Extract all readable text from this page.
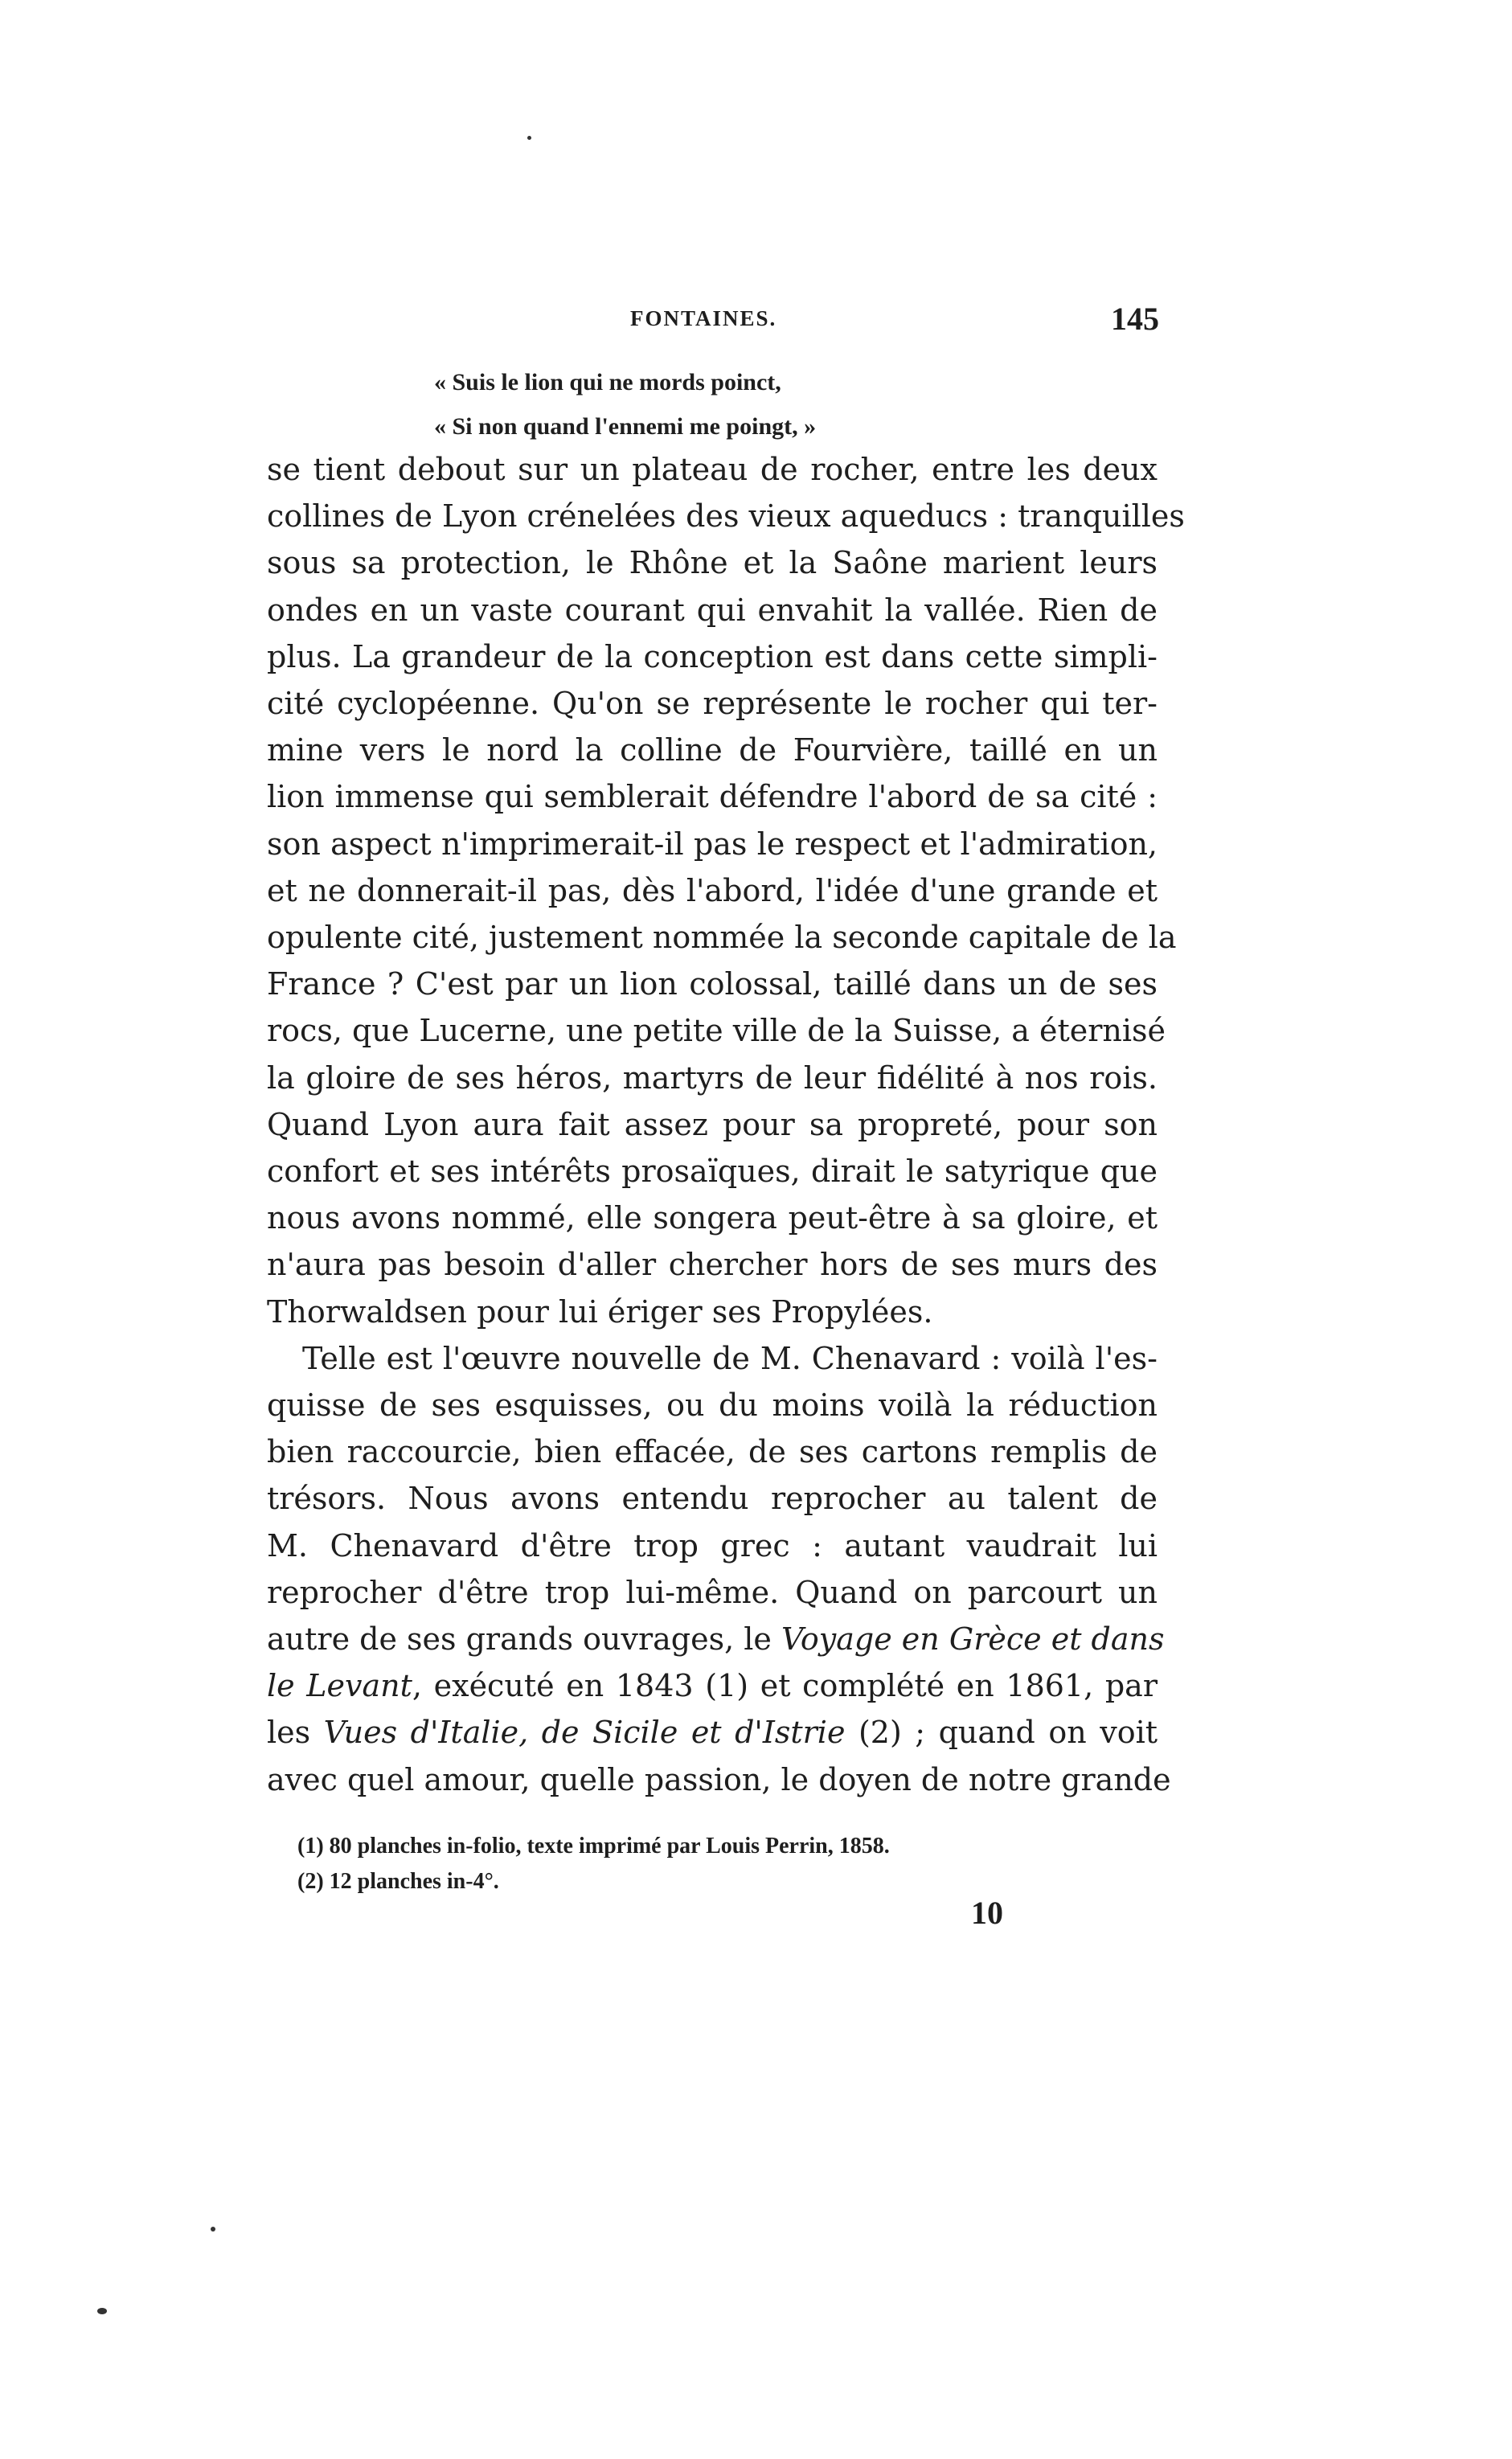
FONTAINES.	145
« Suis le lion qui ne mords poinct,
« Si non quand l'ennemi me poingt, »
se tient debout sur un plateau de rocher, entre les deux
collines de Lyon crénelées des vieux aqueducs : tranquilles
sous sa protection, le Rhône et la Saône marient leurs
ondes en un vaste courant qui envahit la vallée. Rien de
plus. La grandeur de la conception est dans cette simpli-
cité cyclopéenne. Qu'on se représente le rocher qui ter-
mine vers le nord la colline de Fourvière, taillé en un
lion immense qui semblerait défendre l'abord de sa cité :
son aspect n'imprimerait-il pas le respect et l'admiration,
et ne donnerait-il pas, dès l'abord, l'idée d'une grande et
opulente cité, justement nommée la seconde capitale de la
France ? C'est par un lion colossal, taillé dans un de ses
rocs, que Lucerne, une petite ville de la Suisse, a éternisé
la gloire de ses héros, martyrs de leur fidélité à nos rois.
Quand Lyon aura fait assez pour sa propreté, pour son
confort et ses intérêts prosaïques, dirait le satyrique que
nous avons nommé, elle songera peut-être à sa gloire, et
n'aura pas besoin d'aller chercher hors de ses murs des
Thorwaldsen pour lui ériger ses Propylées.
Telle est l'œuvre nouvelle de M. Chenavard : voilà l'es-
quisse de ses esquisses, ou du moins voilà la réduction
bien raccourcie, bien effacée, de ses cartons remplis de
trésors. Nous avons entendu reprocher au talent de
M. Chenavard d'être trop grec : autant vaudrait lui
reprocher d'être trop lui-même. Quand on parcourt un
autre de ses grands ouvrages, le Voyage en Grèce et dans
le Levant, exécuté en 1843 (1) et complété en 1861, par
les Vues d'Italie, de Sicile et d'Istrie (2) ; quand on voit
avec quel amour, quelle passion, le doyen de notre grande
(1) 80 planches in-folio, texte imprimé par Louis Perrin, 1858.
(2) 12 planches in-4°.
10
